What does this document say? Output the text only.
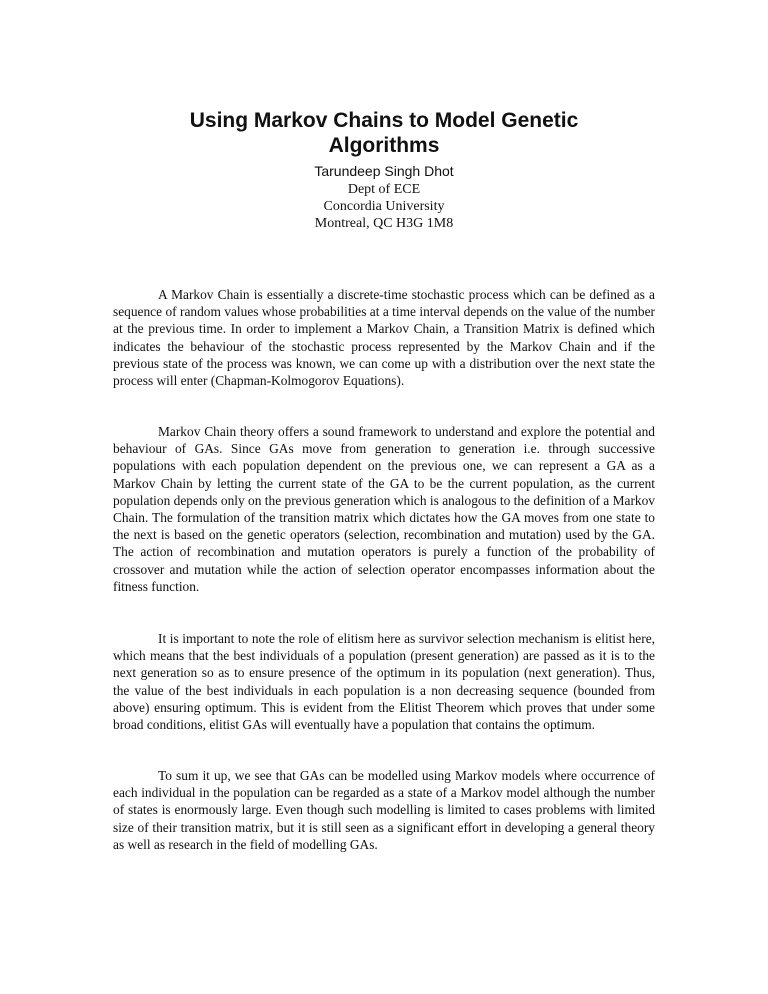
Using Markov Chains to Model Genetic Algorithms
Tarundeep Singh Dhot
Dept of ECE
Concordia University
Montreal, QC H3G 1M8

A Markov Chain is essentially a discrete-time stochastic process which can be defined as a sequence of random values whose probabilities at a time interval depends on the value of the number at the previous time. In order to implement a Markov Chain, a Transition Matrix is defined which indicates the behaviour of the stochastic process represented by the Markov Chain and if the previous state of the process was known, we can come up with a distribution over the next state the process will enter (Chapman-Kolmogorov Equations).

Markov Chain theory offers a sound framework to understand and explore the potential and behaviour of GAs. Since GAs move from generation to generation i.e. through successive populations with each population dependent on the previous one, we can represent a GA as a Markov Chain by letting the current state of the GA to be the current population, as the current population depends only on the previous generation which is analogous to the definition of a Markov Chain. The formulation of the transition matrix which dictates how the GA moves from one state to the next is based on the genetic operators (selection, recombination and mutation) used by the GA. The action of recombination and mutation operators is purely a function of the probability of crossover and mutation while the action of selection operator encompasses information about the fitness function.

It is important to note the role of elitism here as survivor selection mechanism is elitist here, which means that the best individuals of a population (present generation) are passed as it is to the next generation so as to ensure presence of the optimum in its population (next generation). Thus, the value of the best individuals in each population is a non decreasing sequence (bounded from above) ensuring optimum. This is evident from the Elitist Theorem which proves that under some broad conditions, elitist GAs will eventually have a population that contains the optimum.

To sum it up, we see that GAs can be modelled using Markov models where occurrence of each individual in the population can be regarded as a state of a Markov model although the number of states is enormously large. Even though such modelling is limited to cases problems with limited size of their transition matrix, but it is still seen as a significant effort in developing a general theory as well as research in the field of modelling GAs.
